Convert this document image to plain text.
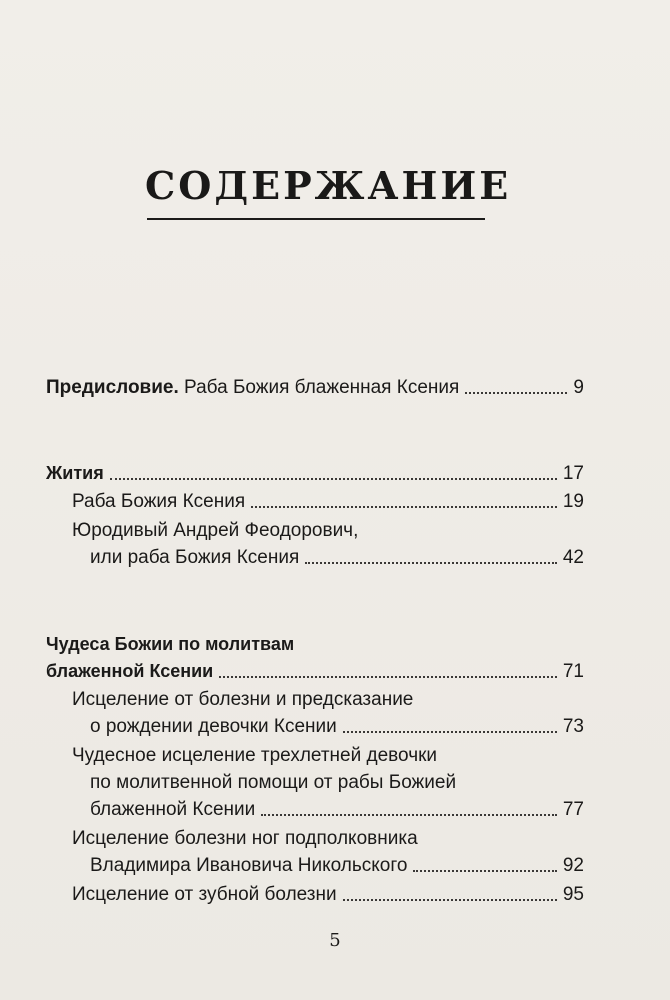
СОДЕРЖАНИЕ
Предисловие. Раба Божия блаженная Ксения	9
Жития	17
Раба Божия Ксения	19
Юродивый Андрей Феодорович,
или раба Божия Ксения	42
Чудеса Божии по молитвам
блаженной Ксении	71
Исцеление от болезни и предсказание
о рождении девочки Ксении	73
Чудесное исцеление трехлетней девочки
по молитвенной помощи от рабы Божией
блаженной Ксении	77
Исцеление болезни ног подполковника
Владимира Ивановича Никольского	92
Исцеление от зубной болезни	95
5
